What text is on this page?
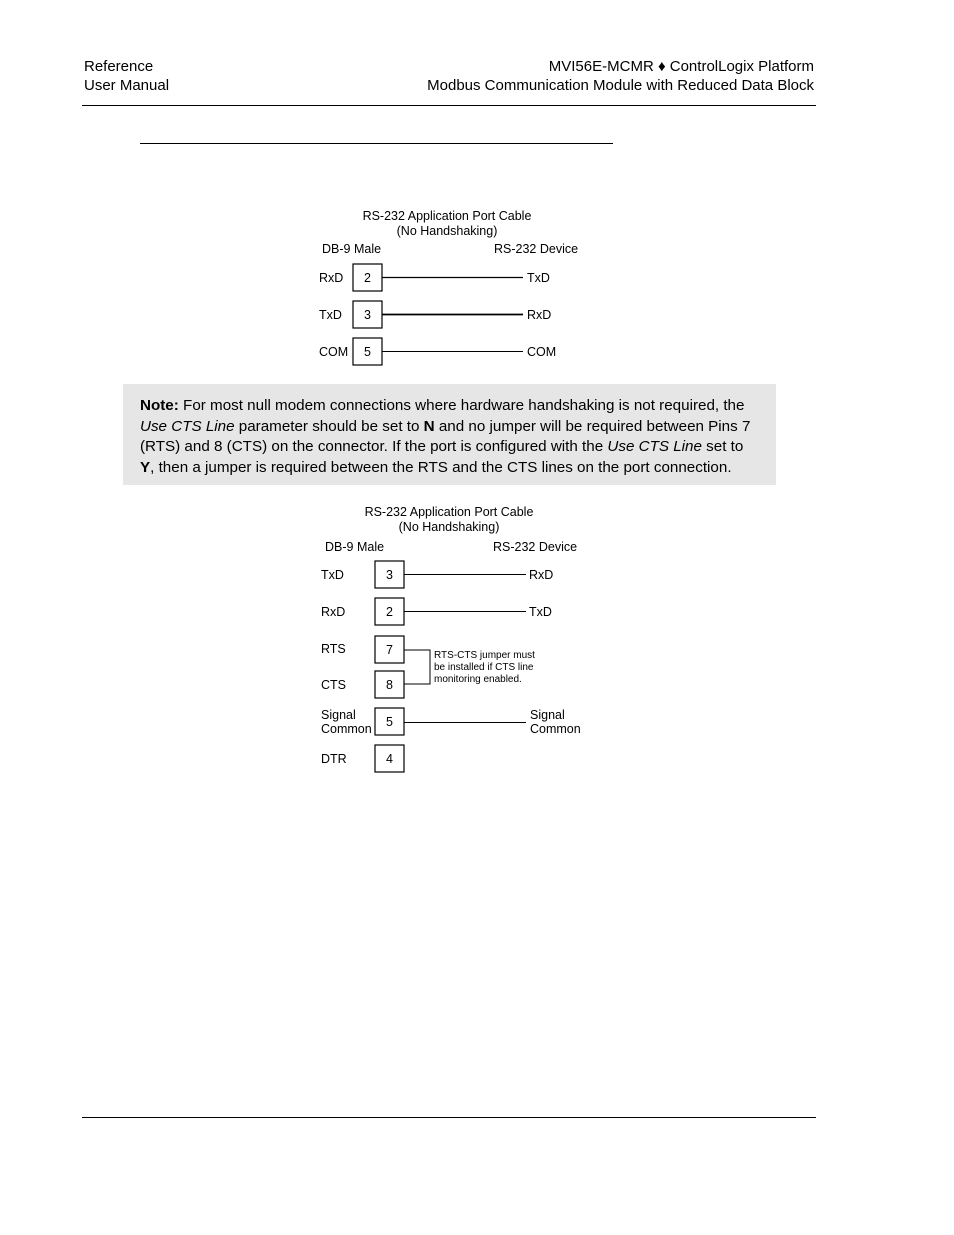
Reference
User Manual
MVI56E-MCMR ♦ ControlLogix Platform
Modbus Communication Module with Reduced Data Block
RS-232 Application Port Cable
(No Handshaking)
DB-9 Male	RS-232 Device
RxD 2	TxD
TxD 3	RxD
COM 5	COM
Note: For most null modem connections where hardware handshaking is not required, the Use CTS Line parameter should be set to N and no jumper will be required between Pins 7 (RTS) and 8 (CTS) on the connector. If the port is configured with the Use CTS Line set to Y, then a jumper is required between the RTS and the CTS lines on the port connection.
RS-232 Application Port Cable
(No Handshaking)
DB-9 Male	RS-232 Device
TxD	3	RxD
RxD	2	TxD
RTS	7
CTS	8
RTS-CTS jumper must
be installed if CTS line
monitoring enabled.
Signal
Common 5	Signal
Common
DTR	4
